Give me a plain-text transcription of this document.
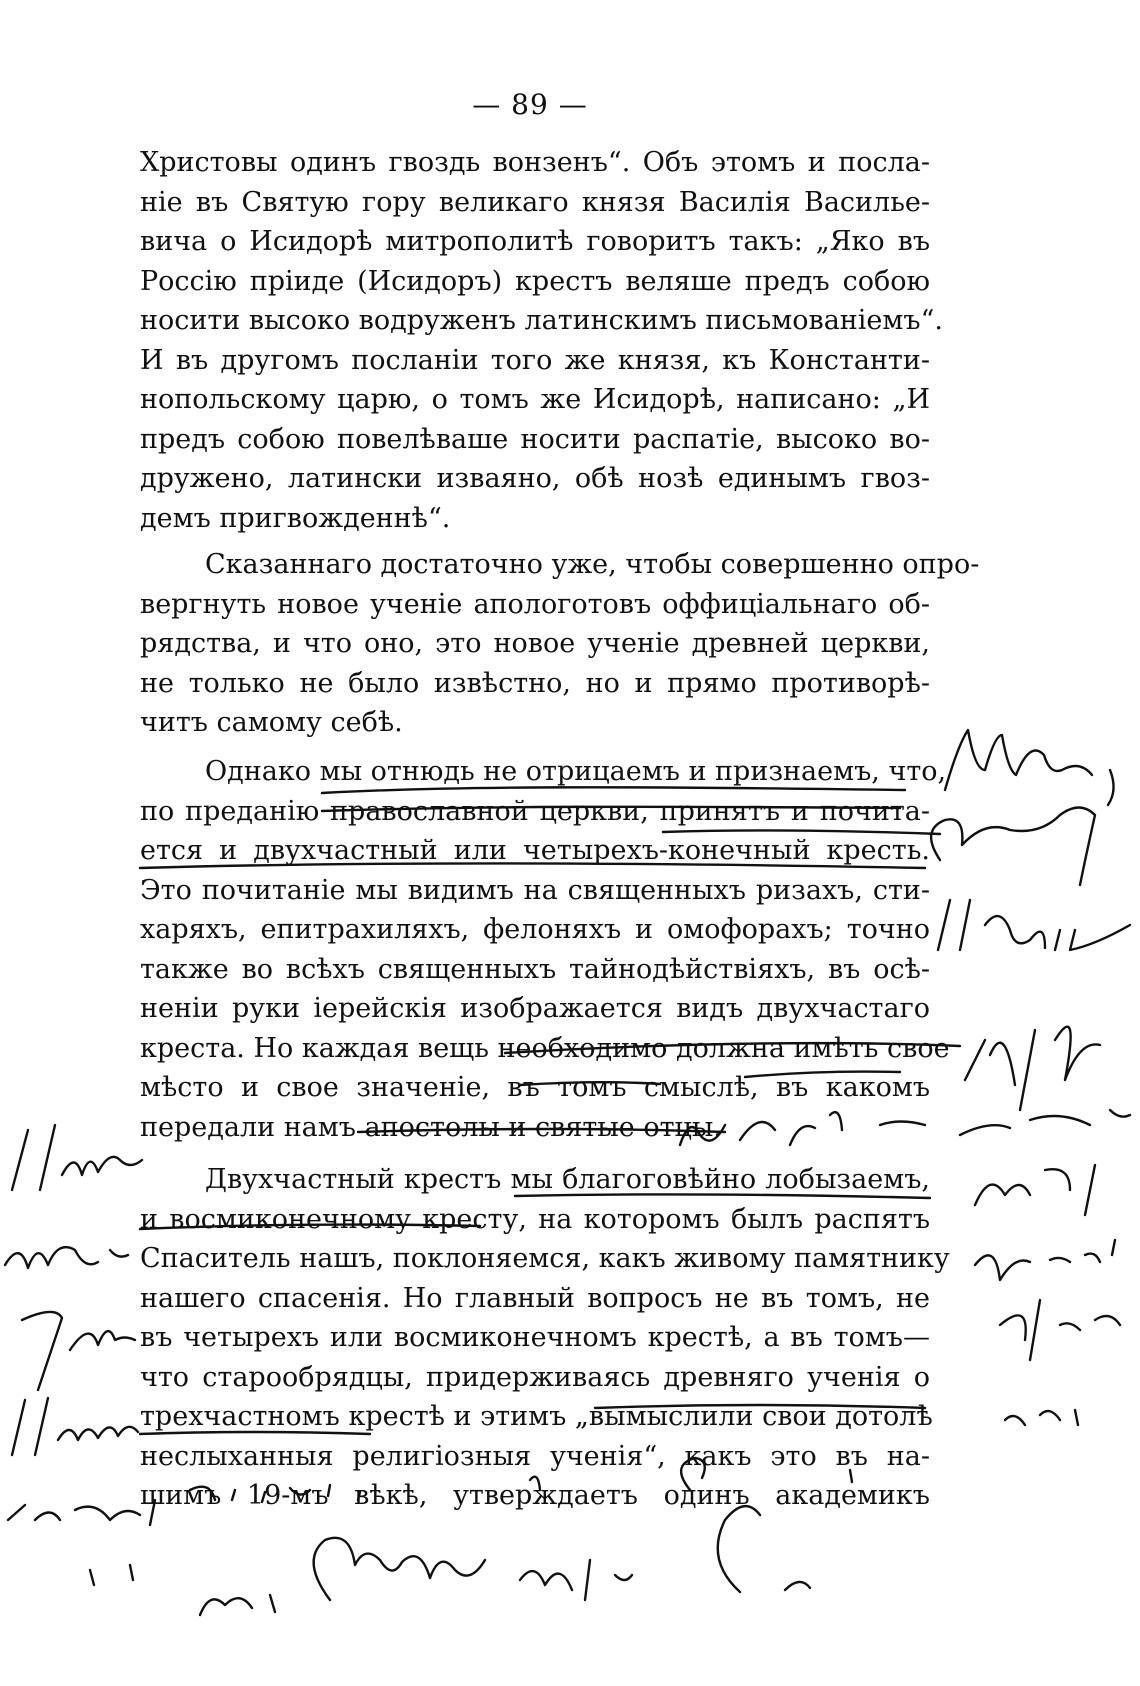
— 89 —
Христовы одинъ гвоздь вонзенъ“. Объ этомъ и посла-
ніе въ Святую гору великаго князя Василія Василье-
вича о Исидорѣ митрополитѣ говоритъ такъ: „Яко въ
Россію пріиде (Исидоръ) крестъ веляше предъ собою
носити высоко водруженъ латинскимъ письмованіемъ“.
И въ другомъ посланіи того же князя, къ Константи-
нопольскому царю, о томъ же Исидорѣ, написано: „И
предъ собою повелѣваше носити распатіе, высоко во-
дружено, латински изваяно, обѣ нозѣ единымъ гвоз-
демъ пригвожденнѣ“.
Сказаннаго достаточно уже, чтобы совершенно опро-
вергнуть новое ученіе апологотовъ оффиціальнаго об-
рядства, и что оно, это новое ученіе древней церкви,
не только не было извѣстно, но и прямо противорѣ-
читъ самому себѣ.
Однако мы отнюдь не отрицаемъ и признаемъ, что,
по преданію православной церкви, принятъ и почита-
ется и двухчастный или четырехъ-конечный кресть.
Это почитаніе мы видимъ на священныхъ ризахъ, сти-
харяхъ, епитрахиляхъ, фелоняхъ и омофорахъ; точно
также во всѣхъ священныхъ тайнодѣйствіяхъ, въ осѣ-
неніи руки іерейскія изображается видъ двухчастаго
креста. Но каждая вещь необходимо должна имѣть свое
мѣсто и свое значеніе, въ томъ смыслѣ, въ какомъ
передали намъ апостолы и святые отцы.
Двухчастный крестъ мы благоговѣйно лобызаемъ,
и восмиконечному кресту, на которомъ былъ распятъ
Спаситель нашъ, поклоняемся, какъ живому памятнику
нашего спасенія. Но главный вопросъ не въ томъ, не
въ четырехъ или восмиконечномъ крестѣ, а въ томъ—
что старообрядцы, придерживаясь древняго ученія о
трехчастномъ крестѣ и этимъ „вымыслили свои дотолѣ
неслыханныя религіозныя ученія“, какъ это въ на-
шимъ 19-мъ вѣкѣ, утверждаетъ одинъ академикъ
